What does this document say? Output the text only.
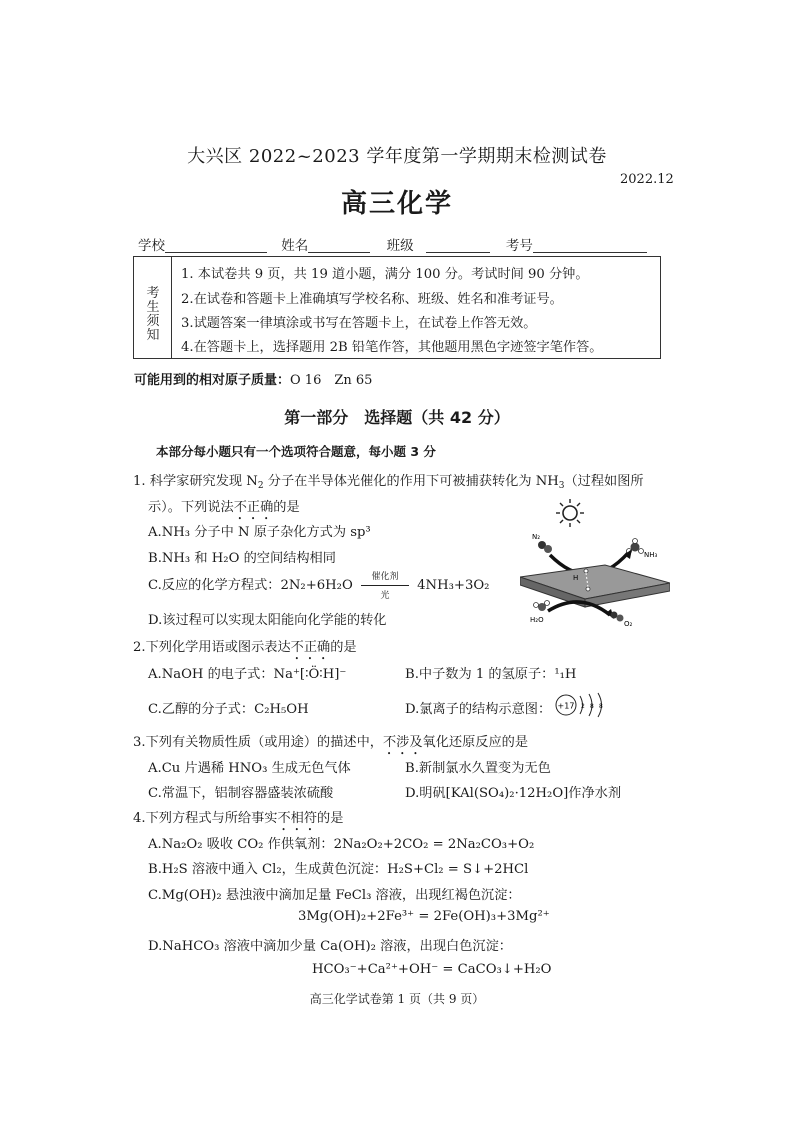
大兴区 2022~2023 学年度第一学期期末检测试卷
2022.12
高三化学
学校	姓名	班级	考号
考生须知
1. 本试卷共 9 页，共 19 道小题，满分 100 分。考试时间 90 分钟。
2.在试卷和答题卡上准确填写学校名称、班级、姓名和准考证号。
3.试题答案一律填涂或书写在答题卡上，在试卷上作答无效。
4.在答题卡上，选择题用 2B 铅笔作答，其他题用黑色字迹签字笔作答。
可能用到的相对原子质量：O 16　Zn 65
第一部分　选择题（共 42 分）
本部分每小题只有一个选项符合题意，每小题 3 分
1. 科学家研究发现 $N_2$ 分子在半导体光催化的作用下可被捕获转化为 $NH_3$（过程如图所
示）。下列说法不正确的是
A.NH₃ 分子中 N 原子杂化方式为 sp³
B.NH₃ 和 H₂O 的空间结构相同
C.反应的化学方程式：2N₂+6H₂O
催化剂
光
4NH₃+3O₂
D.该过程可以实现太阳能向化学能的转化
N₂
NH₃
H
H₂O	O₂
2.下列化学用语或图示表达不正确的是
A.NaOH 的电子式：Na⁺[∶Ö∶H]⁻	B.中子数为 1 的氢原子：¹₁H
C.乙醇的分子式：C₂H₅OH	D.氯离子的结构示意图： +17 2 8 8
3.下列有关物质性质（或用途）的描述中，不涉及氧化还原反应的是
A.Cu 片遇稀 HNO₃ 生成无色气体	B.新制氯水久置变为无色
C.常温下，铝制容器盛装浓硫酸	D.明矾[KAl(SO₄)₂·12H₂O]作净水剂
4.下列方程式与所给事实不相符的是
A.Na₂O₂ 吸收 CO₂ 作供氧剂：2Na₂O₂+2CO₂ = 2Na₂CO₃+O₂
B.H₂S 溶液中通入 Cl₂，生成黄色沉淀：H₂S+Cl₂ = S↓+2HCl
C.Mg(OH)₂ 悬浊液中滴加足量 FeCl₃ 溶液，出现红褐色沉淀：
3Mg(OH)₂+2Fe³⁺ = 2Fe(OH)₃+3Mg²⁺
D.NaHCO₃ 溶液中滴加少量 Ca(OH)₂ 溶液，出现白色沉淀：
HCO₃⁻+Ca²⁺+OH⁻ = CaCO₃↓+H₂O
高三化学试卷第 1 页（共 9 页）
